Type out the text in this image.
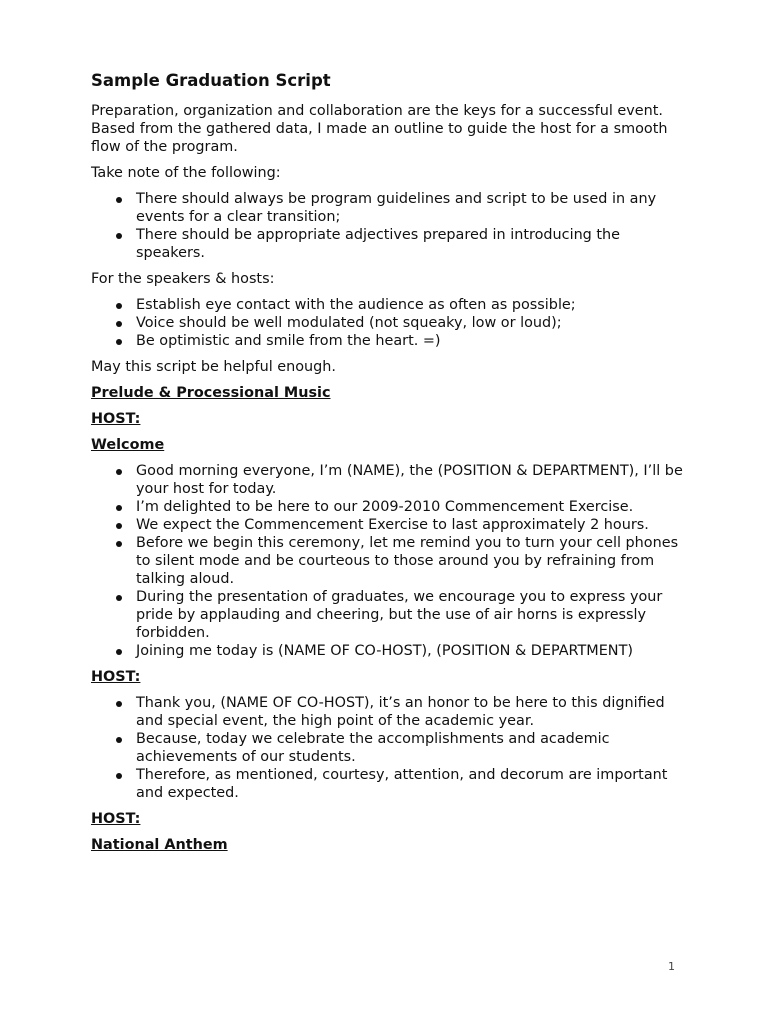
Sample Graduation Script
Preparation, organization and collaboration are the keys for a successful event. Based from the gathered data, I made an outline to guide the host for a smooth flow of the program.
Take note of the following:
There should always be program guidelines and script to be used in any events for a clear transition;
There should be appropriate adjectives prepared in introducing the speakers.
For the speakers & hosts:
Establish eye contact with the audience as often as possible;
Voice should be well modulated (not squeaky, low or loud);
Be optimistic and smile from the heart. =)
May this script be helpful enough.
Prelude & Processional Music
HOST:
Welcome
Good morning everyone, I’m (NAME), the (POSITION & DEPARTMENT), I’ll be your host for today.
I’m delighted to be here to our 2009-2010 Commencement Exercise.
We expect the Commencement Exercise to last approximately 2 hours.
Before we begin this ceremony, let me remind you to turn your cell phones to silent mode and be courteous to those around you by refraining from talking aloud.
During the presentation of graduates, we encourage you to express your pride by applauding and cheering, but the use of air horns is expressly forbidden.
Joining me today is (NAME OF CO-HOST), (POSITION & DEPARTMENT)
HOST:
Thank you, (NAME OF CO-HOST), it’s an honor to be here to this dignified and special event, the high point of the academic year.
Because, today we celebrate the accomplishments and academic achievements of our students.
Therefore, as mentioned, courtesy, attention, and decorum are important and expected.
HOST:
National Anthem
1
